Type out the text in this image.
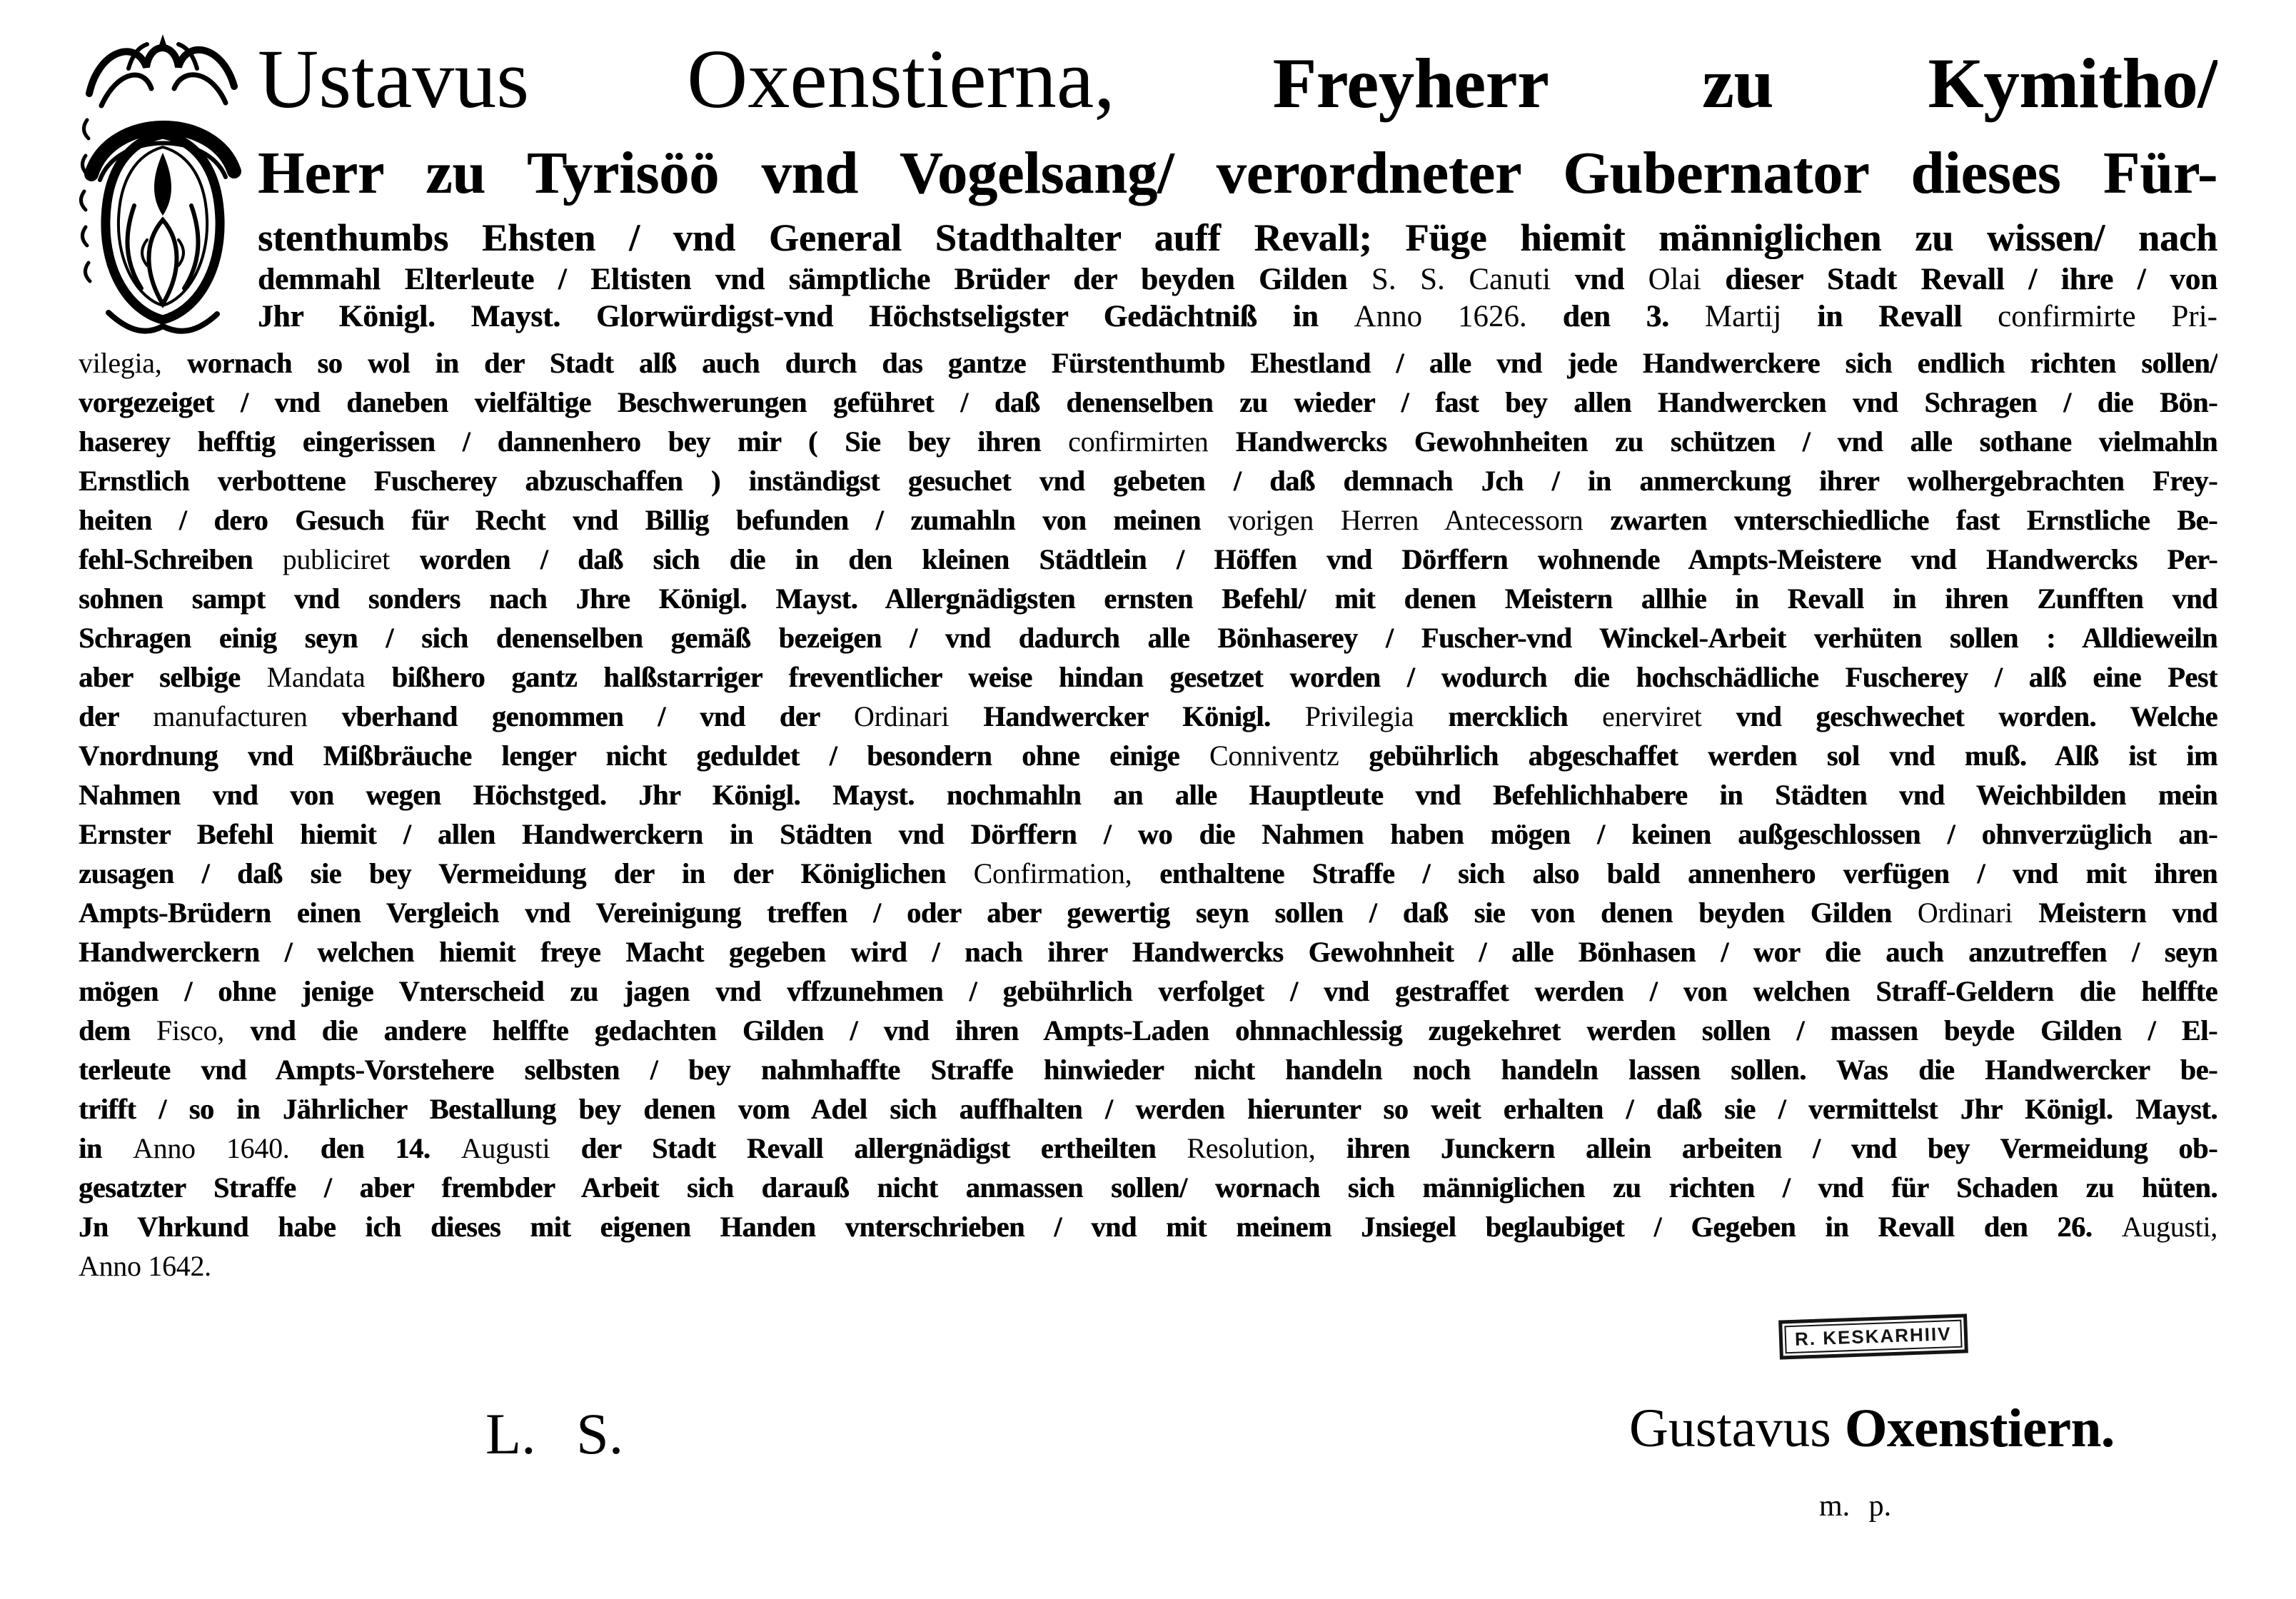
Ustavus Oxenstierna, Freyherr zu Kymitho/
Herr zu Tyrisöö vnd Vogelsang/ verordneter Gubernator dieses Für-
stenthumbs Ehsten / vnd General Stadthalter auff Revall; Füge hiemit männiglichen zu wissen/ nach
demmahl Elterleute / Eltisten vnd sämptliche Brüder der beyden Gilden S. S. Canuti vnd Olai dieser Stadt Revall / ihre / von
Jhr Königl. Mayst. Glorwürdigst-vnd Höchstseligster Gedächtniß in Anno 1626. den 3. Martij in Revall confirmirte Pri-
vilegia, wornach so wol in der Stadt alß auch durch das gantze Fürstenthumb Ehestland / alle vnd jede Handwerckere sich endlich richten sollen/
vorgezeiget / vnd daneben vielfältige Beschwerungen geführet / daß denenselben zu wieder / fast bey allen Handwercken vnd Schragen / die Bön-
haserey hefftig eingerissen / dannenhero bey mir ( Sie bey ihren confirmirten Handwercks Gewohnheiten zu schützen / vnd alle sothane vielmahln
Ernstlich verbottene Fuscherey abzuschaffen ) inständigst gesuchet vnd gebeten / daß demnach Jch / in anmerckung ihrer wolhergebrachten Frey-
heiten / dero Gesuch für Recht vnd Billig befunden / zumahln von meinen vorigen Herren Antecessorn zwarten vnterschiedliche fast Ernstliche Be-
fehl-Schreiben publiciret worden / daß sich die in den kleinen Städtlein / Höffen vnd Dörffern wohnende Ampts-Meistere vnd Handwercks Per-
sohnen sampt vnd sonders nach Jhre Königl. Mayst. Allergnädigsten ernsten Befehl/ mit denen Meistern allhie in Revall in ihren Zunfften vnd
Schragen einig seyn / sich denenselben gemäß bezeigen / vnd dadurch alle Bönhaserey / Fuscher-vnd Winckel-Arbeit verhüten sollen : Alldieweiln
aber selbige Mandata bißhero gantz halßstarriger freventlicher weise hindan gesetzet worden / wodurch die hochschädliche Fuscherey / alß eine Pest
der manufacturen vberhand genommen / vnd der Ordinari Handwercker Königl. Privilegia mercklich enerviret vnd geschwechet worden. Welche
Vnordnung vnd Mißbräuche lenger nicht geduldet / besondern ohne einige Conniventz gebührlich abgeschaffet werden sol vnd muß. Alß ist im
Nahmen vnd von wegen Höchstged. Jhr Königl. Mayst. nochmahln an alle Hauptleute vnd Befehlichhabere in Städten vnd Weichbilden mein
Ernster Befehl hiemit / allen Handwerckern in Städten vnd Dörffern / wo die Nahmen haben mögen / keinen außgeschlossen / ohnverzüglich an-
zusagen / daß sie bey Vermeidung der in der Königlichen Confirmation, enthaltene Straffe / sich also bald annenhero verfügen / vnd mit ihren
Ampts-Brüdern einen Vergleich vnd Vereinigung treffen / oder aber gewertig seyn sollen / daß sie von denen beyden Gilden Ordinari Meistern vnd
Handwerckern / welchen hiemit freye Macht gegeben wird / nach ihrer Handwercks Gewohnheit / alle Bönhasen / wor die auch anzutreffen / seyn
mögen / ohne jenige Vnterscheid zu jagen vnd vffzunehmen / gebührlich verfolget / vnd gestraffet werden / von welchen Straff-Geldern die helffte
dem Fisco, vnd die andere helffte gedachten Gilden / vnd ihren Ampts-Laden ohnnachlessig zugekehret werden sollen / massen beyde Gilden / El-
terleute vnd Ampts-Vorstehere selbsten / bey nahmhaffte Straffe hinwieder nicht handeln noch handeln lassen sollen. Was die Handwercker be-
trifft / so in Jährlicher Bestallung bey denen vom Adel sich auffhalten / werden hierunter so weit erhalten / daß sie / vermittelst Jhr Königl. Mayst.
in Anno 1640. den 14. Augusti der Stadt Revall allergnädigst ertheilten Resolution, ihren Junckern allein arbeiten / vnd bey Vermeidung ob-
gesatzter Straffe / aber frembder Arbeit sich darauß nicht anmassen sollen/ wornach sich männiglichen zu richten / vnd für Schaden zu hüten.
Jn Vhrkund habe ich dieses mit eigenen Handen vnterschrieben / vnd mit meinem Jnsiegel beglaubiget / Gegeben in Revall den 26. Augusti,
Anno 1642.
R. KESKARHIIV
L. S.	Gustavus Oxenstiern.
m. p.
